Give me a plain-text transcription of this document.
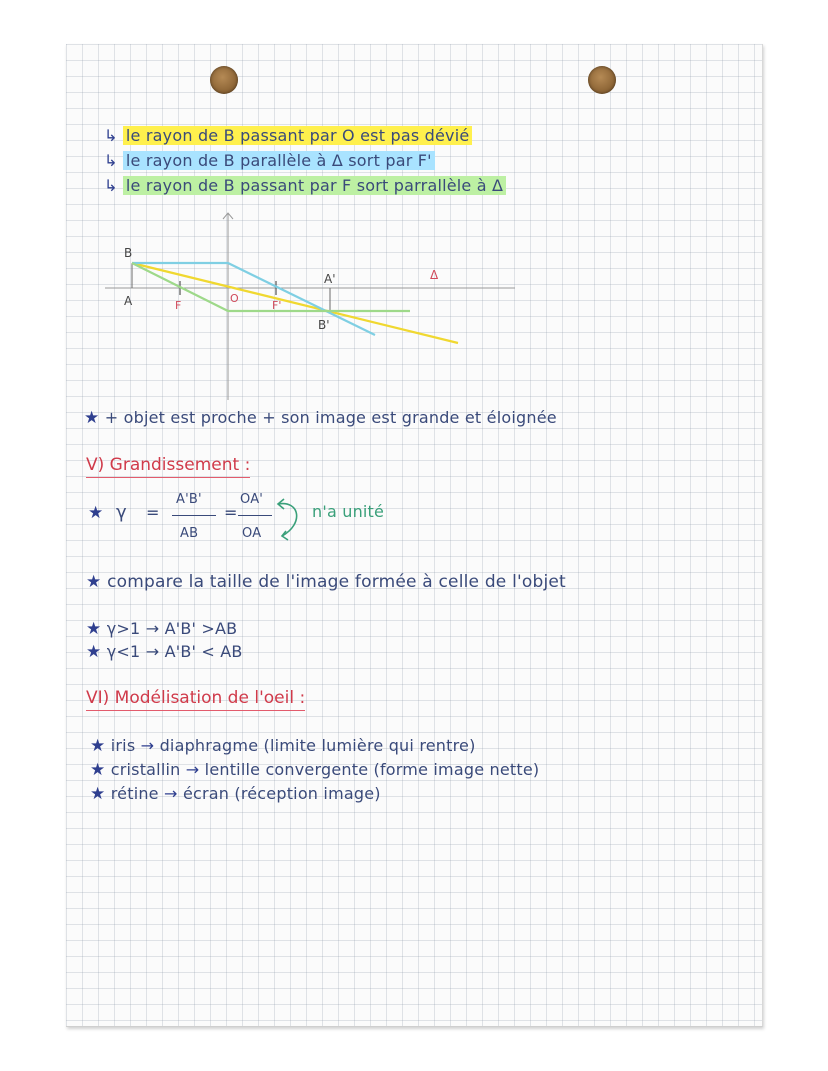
↳ le rayon de B passant par O est pas dévié
↳ le rayon de B parallèle à Δ sort par F'
↳ le rayon de B passant par F sort parrallèle à Δ
B
A	F
O
F'
A'
B'
Δ
★ + objet est proche + son image est grande et éloignée
V) Grandissement :
★ γ =
A'B'
AB
=
OA'
OA
n'a unité
★ compare la taille de l'image formée à celle de l'objet
★ γ>1 → A'B' >AB
★ γ<1 → A'B' < AB
VI) Modélisation de l'oeil :
★ iris → diaphragme (limite lumière qui rentre)
★ cristallin → lentille convergente (forme image nette)
★ rétine → écran (réception image)
